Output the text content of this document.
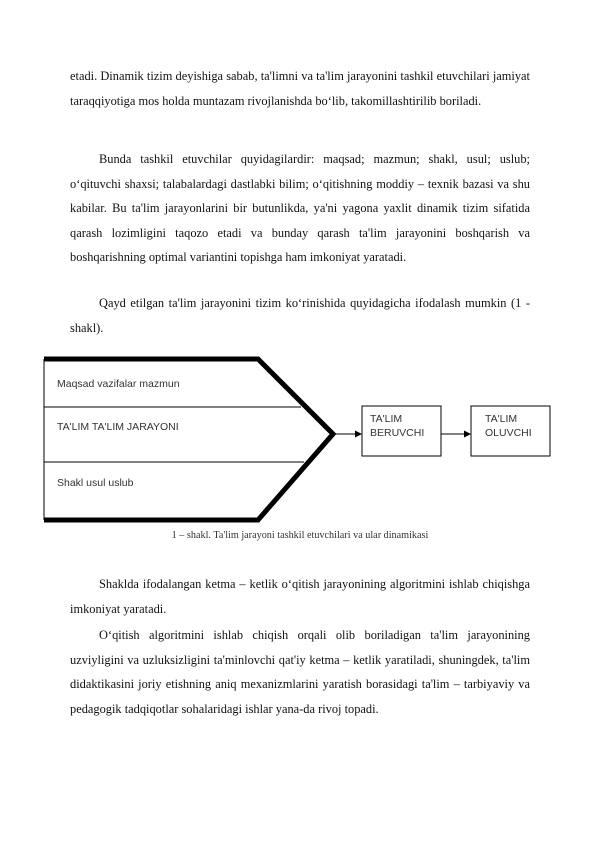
etadi. Dinamik tizim deyishiga sabab, ta'limni va ta'lim jarayonini tashkil etuvchilari jamiyat taraqqiyotiga mos holda muntazam rivojlanishda boʻlib, takomillashtirilib boriladi.

Bunda tashkil etuvchilar quyidagilardir: maqsad; mazmun; shakl, usul; uslub; oʻqituvchi shaxsi; talabalardagi dastlabki bilim; oʻqitishning moddiy – texnik bazasi va shu kabilar. Bu ta'lim jarayonlarini bir butunlikda, ya'ni yagona yaxlit dinamik tizim sifatida qarash lozimligini taqozo etadi va bunday qarash ta'lim jarayonini boshqarish va boshqarishning optimal variantini topishga ham imkoniyat yaratadi.

Qayd etilgan ta'lim jarayonini tizim koʻrinishida quyidagicha ifodalash mumkin (1 - shakl).

Maqsad vazifalar mazmun
TA'LIM TA'LIM JARAYONI
Shakl usul uslub
TA'LIM
BERUVCHI
TA'LIM
OLUVCHI

1 – shakl. Ta'lim jarayoni tashkil etuvchilari va ular dinamikasi

Shaklda ifodalangan ketma – ketlik oʻqitish jarayonining algoritmini ishlab chiqishga imkoniyat yaratadi.

Oʻqitish algoritmini ishlab chiqish orqali olib boriladigan ta'lim jarayonining uzviyligini va uzluksizligini ta'minlovchi qat'iy ketma – ketlik yaratiladi, shuningdek, ta'lim didaktikasini joriy etishning aniq mexanizmlarini yaratish borasidagi ta'lim – tarbiyaviy va pedagogik tadqiqotlar sohalaridagi ishlar yana-da rivoj topadi.
